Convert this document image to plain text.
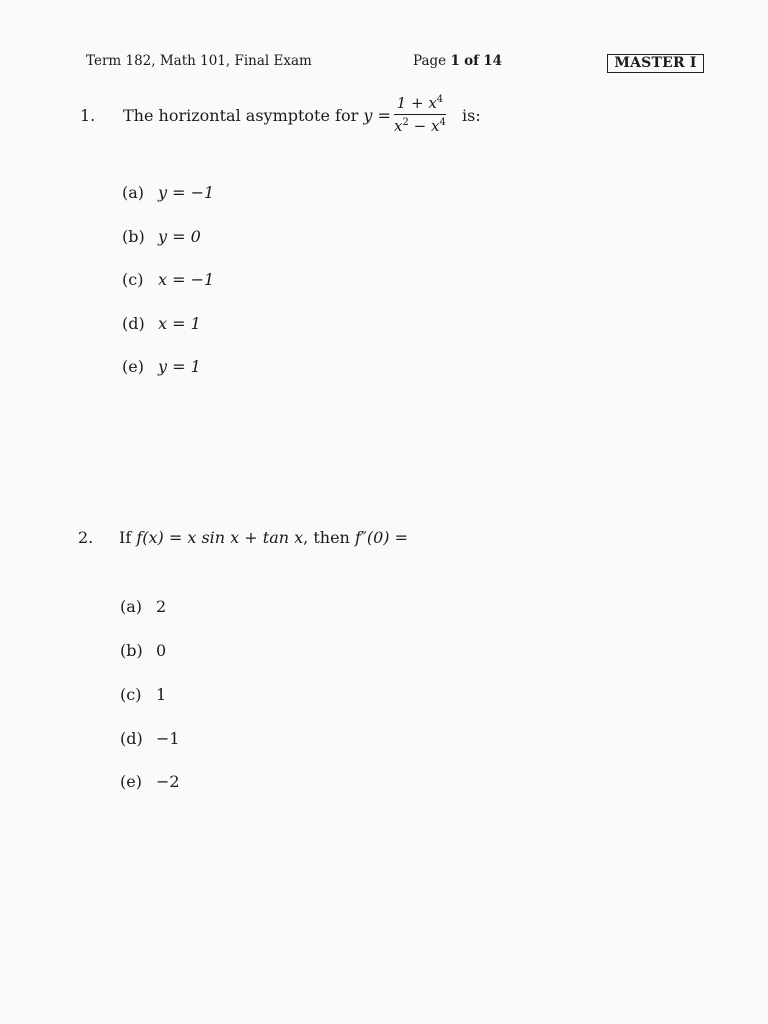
Term 182, Math 101, Final Exam	Page 1 of 14	MASTER I
1. The horizontal asymptote for y =
$1 + x^4$
$x^2 - x^4$ is:
(a) y = −1
(b) y = 0
(c) x = −1
(d) x = 1
(e) y = 1
2. If f(x) = x sin x + tan x, then f″(0) =
(a) 2
(b) 0
(c) 1
(d) −1
(e) −2
